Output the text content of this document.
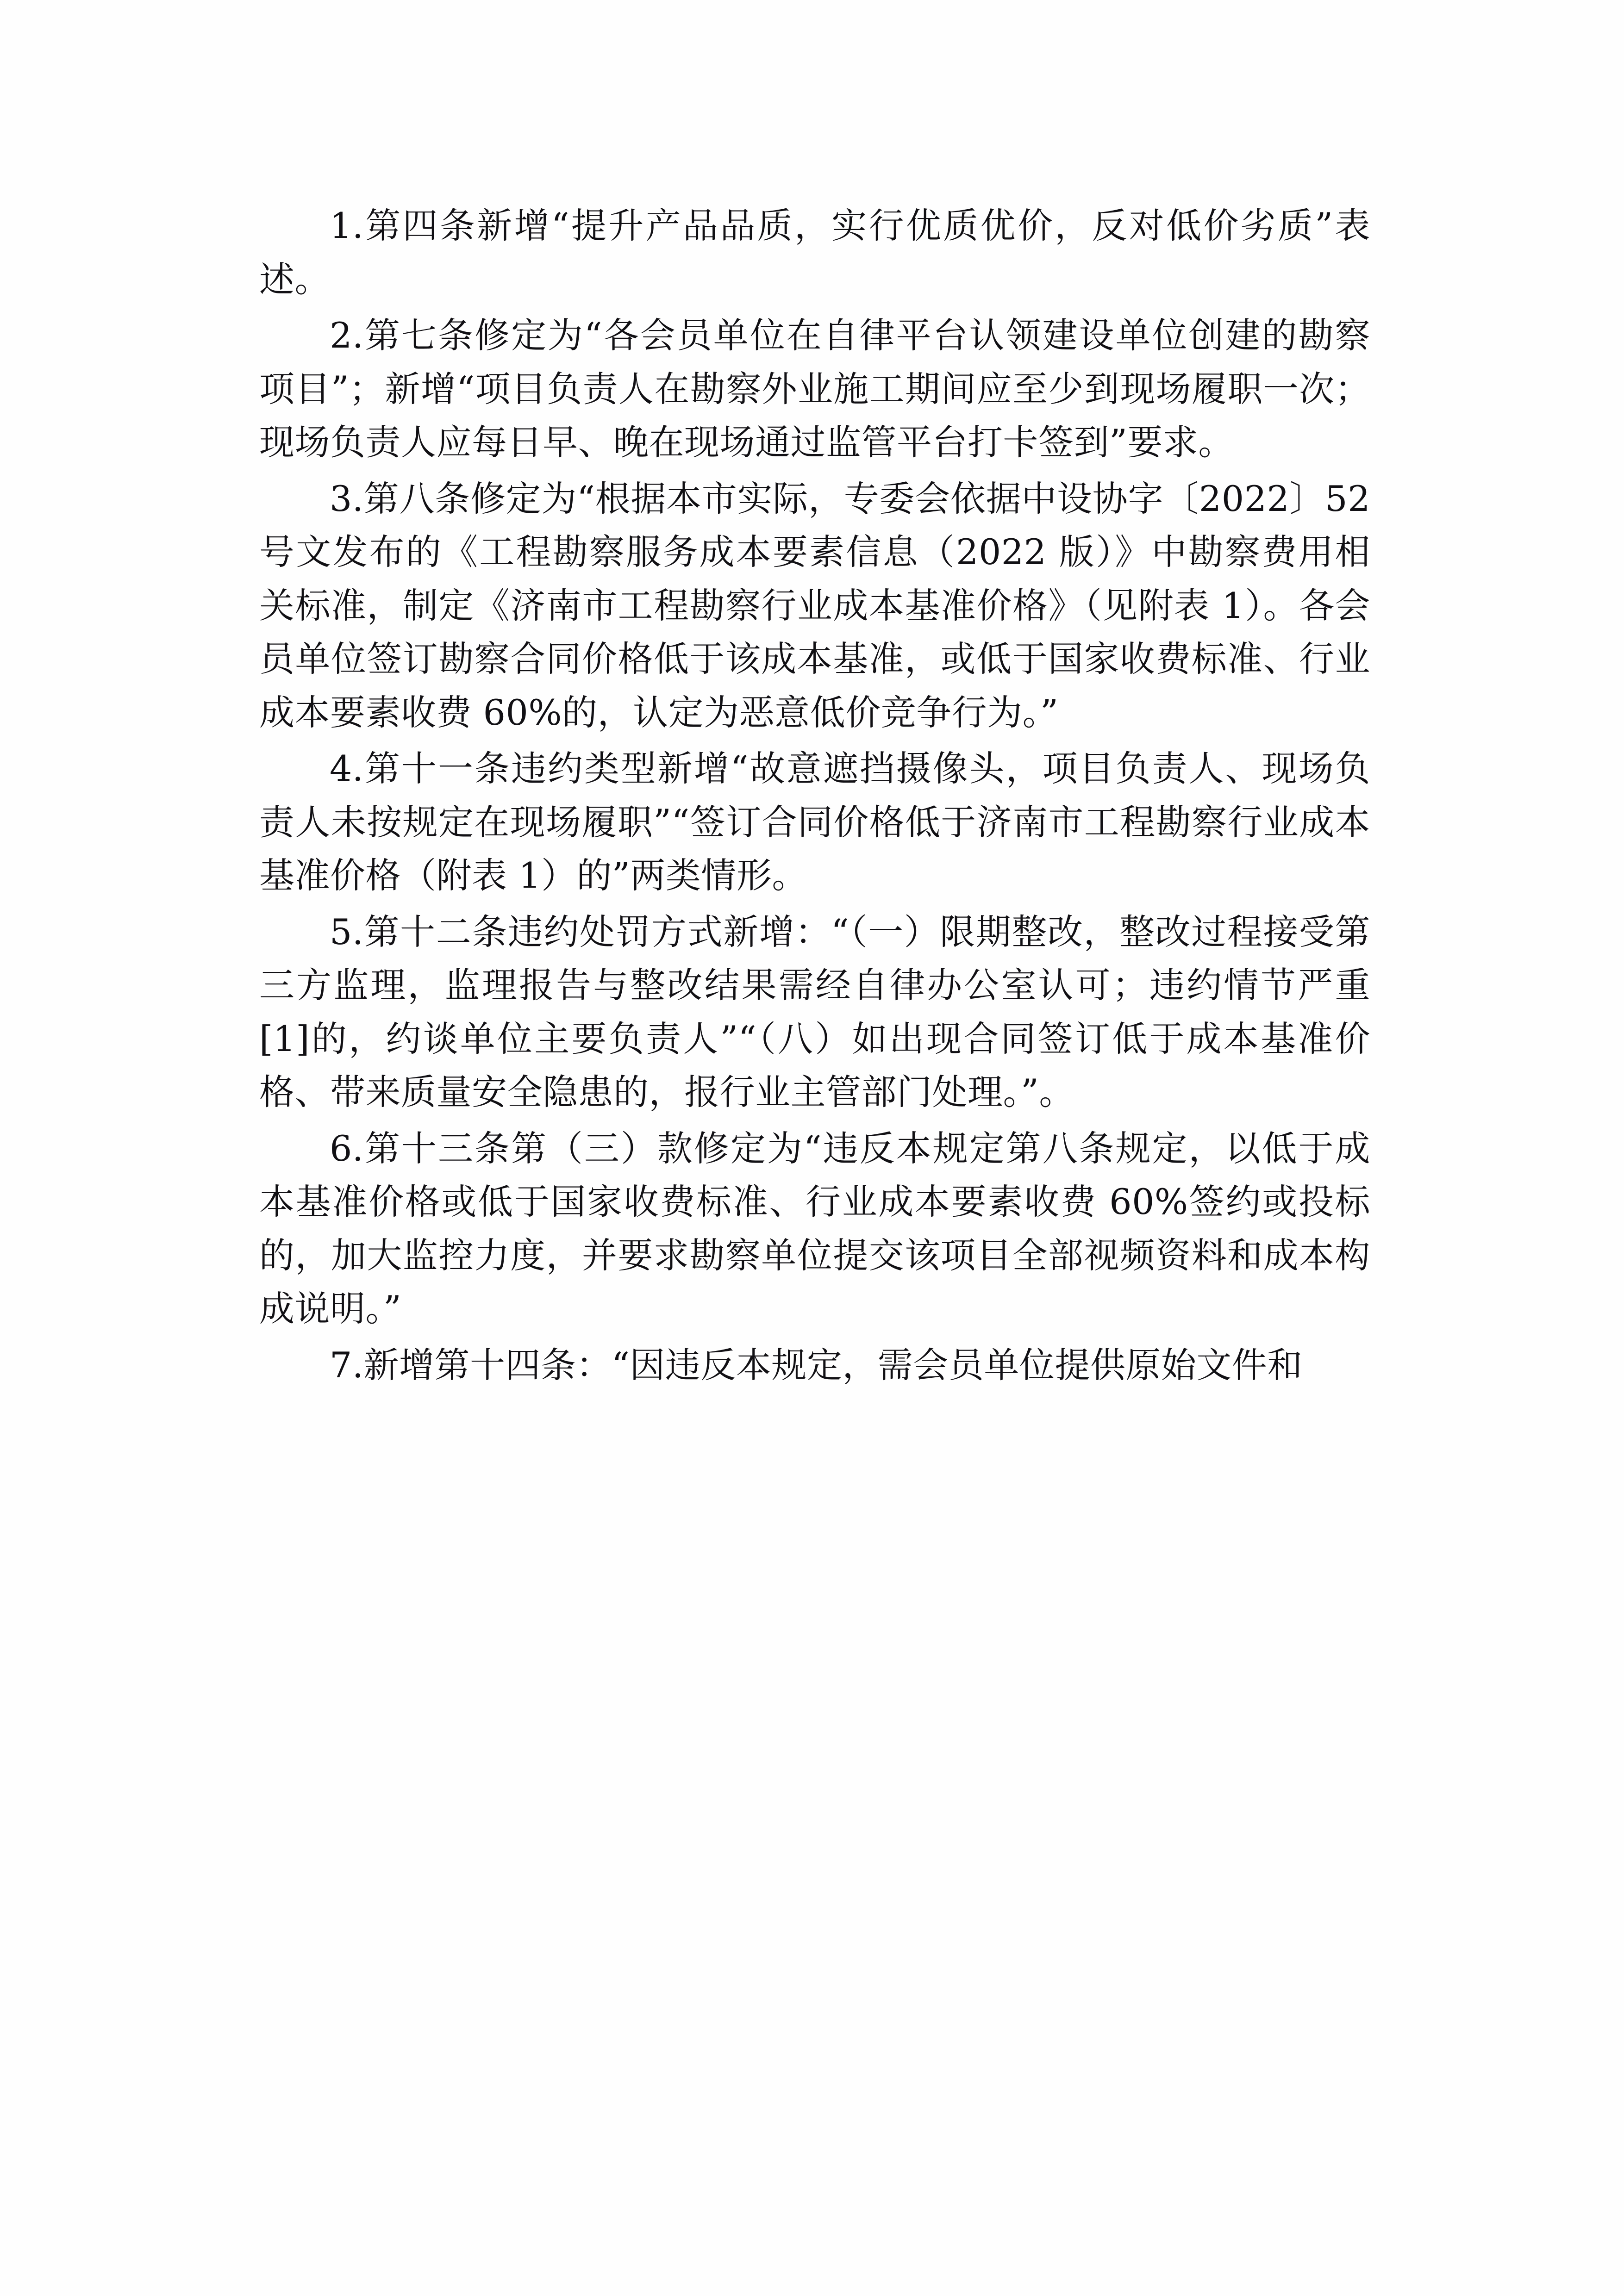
1.第四条新增“提升产品品质，实行优质优价，反对低价劣质”表述。

2.第七条修定为“各会员单位在自律平台认领建设单位创建的勘察项目”；新增“项目负责人在勘察外业施工期间应至少到现场履职一次；现场负责人应每日早、晚在现场通过监管平台打卡签到”要求。

3.第八条修定为“根据本市实际，专委会依据中设协字〔2022〕52 号文发布的《工程勘察服务成本要素信息（2022 版）》中勘察费用相关标准，制定《济南市工程勘察行业成本基准价格》（见附表 1）。各会员单位签订勘察合同价格低于该成本基准，或低于国家收费标准、行业成本要素收费 60%的，认定为恶意低价竞争行为。”

4.第十一条违约类型新增“故意遮挡摄像头，项目负责人、现场负责人未按规定在现场履职”“签订合同价格低于济南市工程勘察行业成本基准价格（附表 1）的”两类情形。

5.第十二条违约处罚方式新增：“（一）限期整改，整改过程接受第三方监理，监理报告与整改结果需经自律办公室认可；违约情节严重[1]的，约谈单位主要负责人”“（八）如出现合同签订低于成本基准价格、带来质量安全隐患的，报行业主管部门处理。”。

6.第十三条第（三）款修定为“违反本规定第八条规定，以低于成本基准价格或低于国家收费标准、行业成本要素收费 60%签约或投标的，加大监控力度，并要求勘察单位提交该项目全部视频资料和成本构成说明。”

7.新增第十四条：“因违反本规定，需会员单位提供原始文件和
